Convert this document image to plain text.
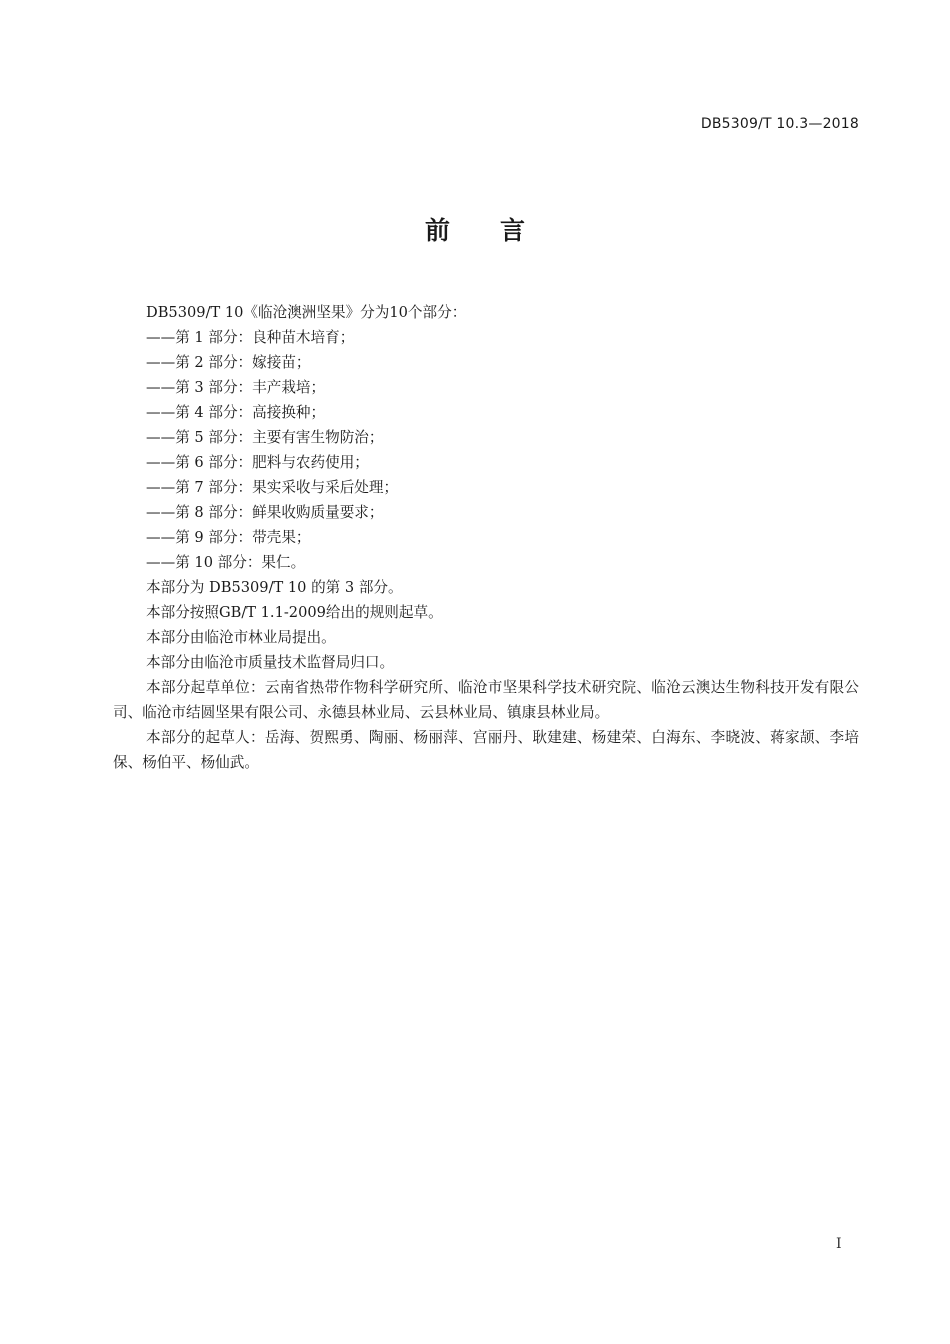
DB5309/T 10.3—2018
前　　言

DB5309/T 10《临沧澳洲坚果》分为10个部分：

——第 1 部分：良种苗木培育；

——第 2 部分：嫁接苗；

——第 3 部分：丰产栽培；

——第 4 部分：高接换种；

——第 5 部分：主要有害生物防治；

——第 6 部分：肥料与农药使用；

——第 7 部分：果实采收与采后处理；

——第 8 部分：鲜果收购质量要求；

——第 9 部分：带壳果；

——第 10 部分：果仁。

本部分为 DB5309/T 10 的第 3 部分。

本部分按照GB/T 1.1-2009给出的规则起草。

本部分由临沧市林业局提出。

本部分由临沧市质量技术监督局归口。

本部分起草单位：云南省热带作物科学研究所、临沧市坚果科学技术研究院、临沧云澳达生物科技开发有限公司、临沧市结圆坚果有限公司、永德县林业局、云县林业局、镇康县林业局。

本部分的起草人：岳海、贺熙勇、陶丽、杨丽萍、宫丽丹、耿建建、杨建荣、白海东、李晓波、蒋家颉、李培保、杨伯平、杨仙武。

I
